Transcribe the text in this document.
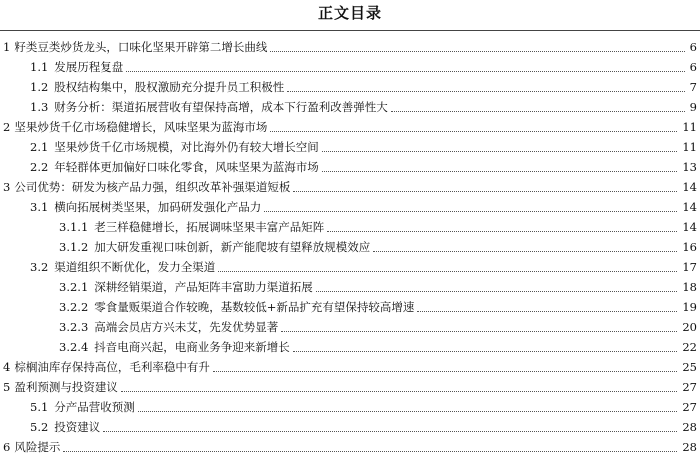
正文目录
1 籽类豆类炒货龙头，口味化坚果开辟第二增长曲线	6
1.1 发展历程复盘	6
1.2 股权结构集中，股权激励充分提升员工积极性	7
1.3 财务分析：渠道拓展营收有望保持高增，成本下行盈利改善弹性大	9
2 坚果炒货千亿市场稳健增长，风味坚果为蓝海市场	11
2.1 坚果炒货千亿市场规模，对比海外仍有较大增长空间	11
2.2 年轻群体更加偏好口味化零食，风味坚果为蓝海市场	13
3 公司优势：研发为核产品力强，组织改革补强渠道短板	14
3.1 横向拓展树类坚果，加码研发强化产品力	14
3.1.1 老三样稳健增长，拓展调味坚果丰富产品矩阵	14
3.1.2 加大研发重视口味创新，新产能爬坡有望释放规模效应	16
3.2 渠道组织不断优化，发力全渠道	17
3.2.1 深耕经销渠道，产品矩阵丰富助力渠道拓展	18
3.2.2 零食量贩渠道合作较晚，基数较低+新品扩充有望保持较高增速	19
3.2.3 高端会员店方兴未艾，先发优势显著	20
3.2.4 抖音电商兴起，电商业务争迎来新增长	22
4 棕榈油库存保持高位，毛利率稳中有升	25
5 盈利预测与投资建议	27
5.1 分产品营收预测	27
5.2 投资建议	28
6 风险提示	28
